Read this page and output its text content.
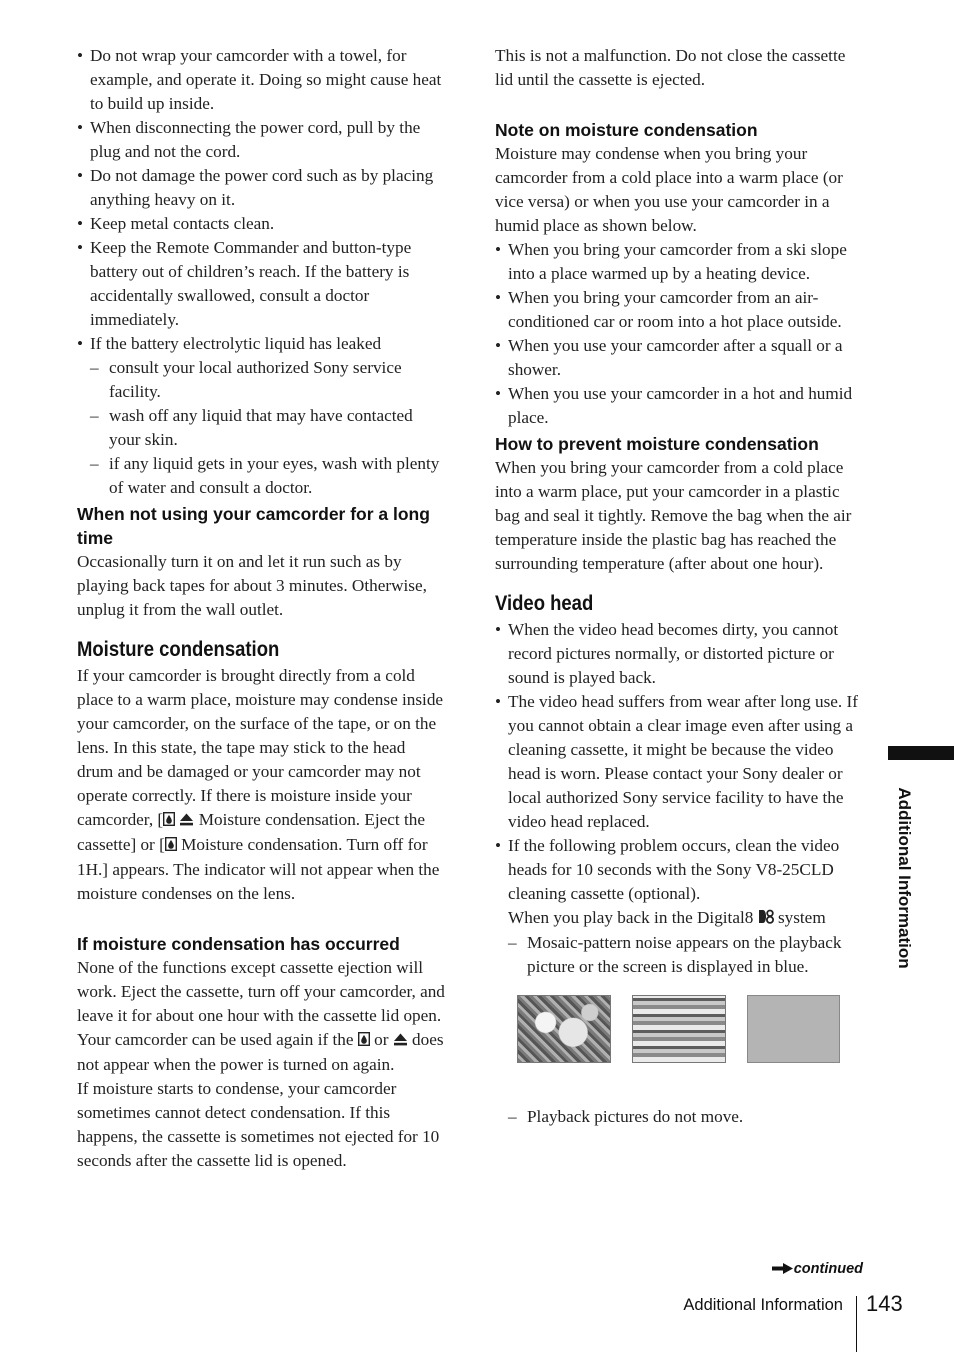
• Do not wrap your camcorder with a towel, for example, and operate it. Doing so might cause heat to build up inside.
• When disconnecting the power cord, pull by the plug and not the cord.
• Do not damage the power cord such as by placing anything heavy on it.
• Keep metal contacts clean.
• Keep the Remote Commander and button-type battery out of children’s reach. If the battery is accidentally swallowed, consult a doctor immediately.
• If the battery electrolytic liquid has leaked
– consult your local authorized Sony service facility.
– wash off any liquid that may have contacted your skin.
– if any liquid gets in your eyes, wash with plenty of water and consult a doctor.
When not using your camcorder for a long time

Occasionally turn it on and let it run such as by playing back tapes for about 3 minutes. Otherwise, unplug it from the wall outlet.

Moisture condensation

If your camcorder is brought directly from a cold place to a warm place, moisture may condense inside your camcorder, on the surface of the tape, or on the lens. In this state, the tape may stick to the head drum and be damaged or your camcorder may not operate correctly. If there is moisture inside your camcorder, [  Moisture condensation. Eject the cassette] or [ Moisture condensation. Turn off for 1H.] appears. The indicator will not appear when the moisture condenses on the lens.

If moisture condensation has occurred

None of the functions except cassette ejection will work. Eject the cassette, turn off your camcorder, and leave it for about one hour with the cassette lid open. Your camcorder can be used again if the  or  does not appear when the power is turned on again.

If moisture starts to condense, your camcorder sometimes cannot detect condensation. If this happens, the cassette is sometimes not ejected for 10 seconds after the cassette lid is opened.

This is not a malfunction. Do not close the cassette lid until the cassette is ejected.

Note on moisture condensation

Moisture may condense when you bring your camcorder from a cold place into a warm place (or vice versa) or when you use your camcorder in a humid place as shown below.

• When you bring your camcorder from a ski slope into a place warmed up by a heating device.
• When you bring your camcorder from an air-conditioned car or room into a hot place outside.
• When you use your camcorder after a squall or a shower.
• When you use your camcorder in a hot and humid place.
How to prevent moisture condensation

When you bring your camcorder from a cold place into a warm place, put your camcorder in a plastic bag and seal it tightly. Remove the bag when the air temperature inside the plastic bag has reached the surrounding temperature (after about one hour).

Video head
• When the video head becomes dirty, you cannot record pictures normally, or distorted picture or sound is played back.
• The video head suffers from wear after long use. If you cannot obtain a clear image even after using a cleaning cassette, it might be because the video head is worn. Please contact your Sony dealer or local authorized Sony service facility to have the video head replaced.
• If the following problem occurs, clean the video heads for 10 seconds with the Sony V8-25CLD cleaning cassette (optional).
When you play back in the Digital8  system
– Mosaic-pattern noise appears on the playback picture or the screen is displayed in blue.
– Playback pictures do not move.
Additional Information
continued
Additional Information 143
